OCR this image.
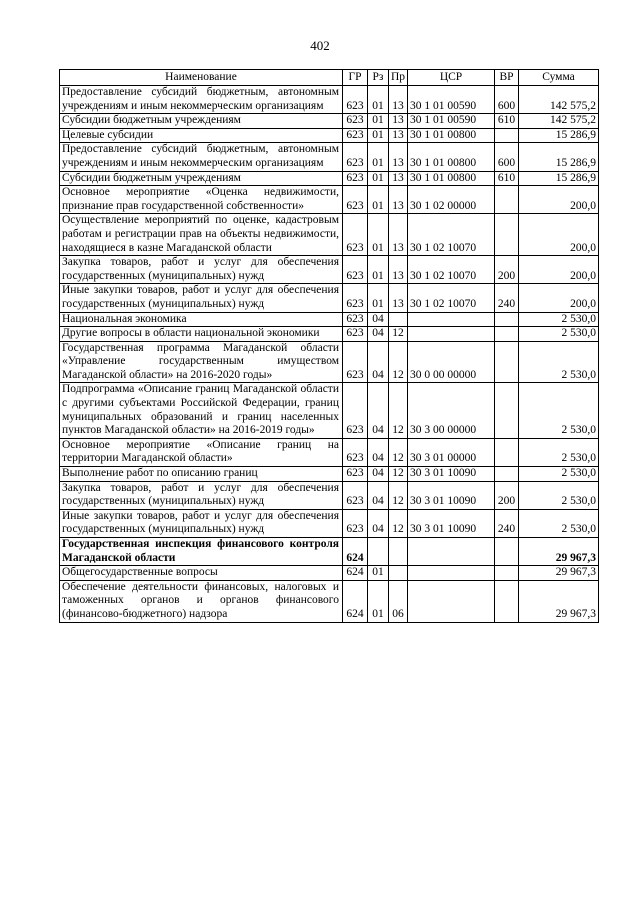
402
Наименование	ГР	Рз	Пр	ЦСР	ВР	Сумма
Предоставление субсидий бюджетным, автономным учреждениям и иным некоммерческим организациям	623	01	13	30 1 01 00590	600	142 575,2
Субсидии бюджетным учреждениям	623	01	13	30 1 01 00590	610	142 575,2
Целевые субсидии	623	01	13	30 1 01 00800		15 286,9
Предоставление субсидий бюджетным, автономным учреждениям и иным некоммерческим организациям	623	01	13	30 1 01 00800	600	15 286,9
Субсидии бюджетным учреждениям	623	01	13	30 1 01 00800	610	15 286,9
Основное мероприятие «Оценка недвижимости, признание прав государственной собственности»	623	01	13	30 1 02 00000		200,0
Осуществление мероприятий по оценке, кадастровым работам и регистрации прав на объекты недвижимости, находящиеся в казне Магаданской области	623	01	13	30 1 02 10070		200,0
Закупка товаров, работ и услуг для обеспечения государственных (муниципальных) нужд	623	01	13	30 1 02 10070	200	200,0
Иные закупки товаров, работ и услуг для обеспечения государственных (муниципальных) нужд	623	01	13	30 1 02 10070	240	200,0
Национальная экономика	623	04				2 530,0
Другие вопросы в области национальной экономики	623	04	12			2 530,0
Государственная программа Магаданской области «Управление государственным имуществом Магаданской области» на 2016-2020 годы»	623	04	12	30 0 00 00000		2 530,0
Подпрограмма «Описание границ Магаданской области с другими субъектами Российской Федерации, границ муниципальных образований и границ населенных пунктов Магаданской области» на 2016-2019 годы»	623	04	12	30 3 00 00000		2 530,0
Основное мероприятие «Описание границ на территории Магаданской области»	623	04	12	30 3 01 00000		2 530,0
Выполнение работ по описанию границ	623	04	12	30 3 01 10090		2 530,0
Закупка товаров, работ и услуг для обеспечения государственных (муниципальных) нужд	623	04	12	30 3 01 10090	200	2 530,0
Иные закупки товаров, работ и услуг для обеспечения государственных (муниципальных) нужд	623	04	12	30 3 01 10090	240	2 530,0
Государственная инспекция финансового контроля Магаданской области	624					29 967,3
Общегосударственные вопросы	624	01				29 967,3
Обеспечение деятельности финансовых, налоговых и таможенных органов и органов финансового (финансово-бюджетного) надзора	624	01	06			29 967,3
